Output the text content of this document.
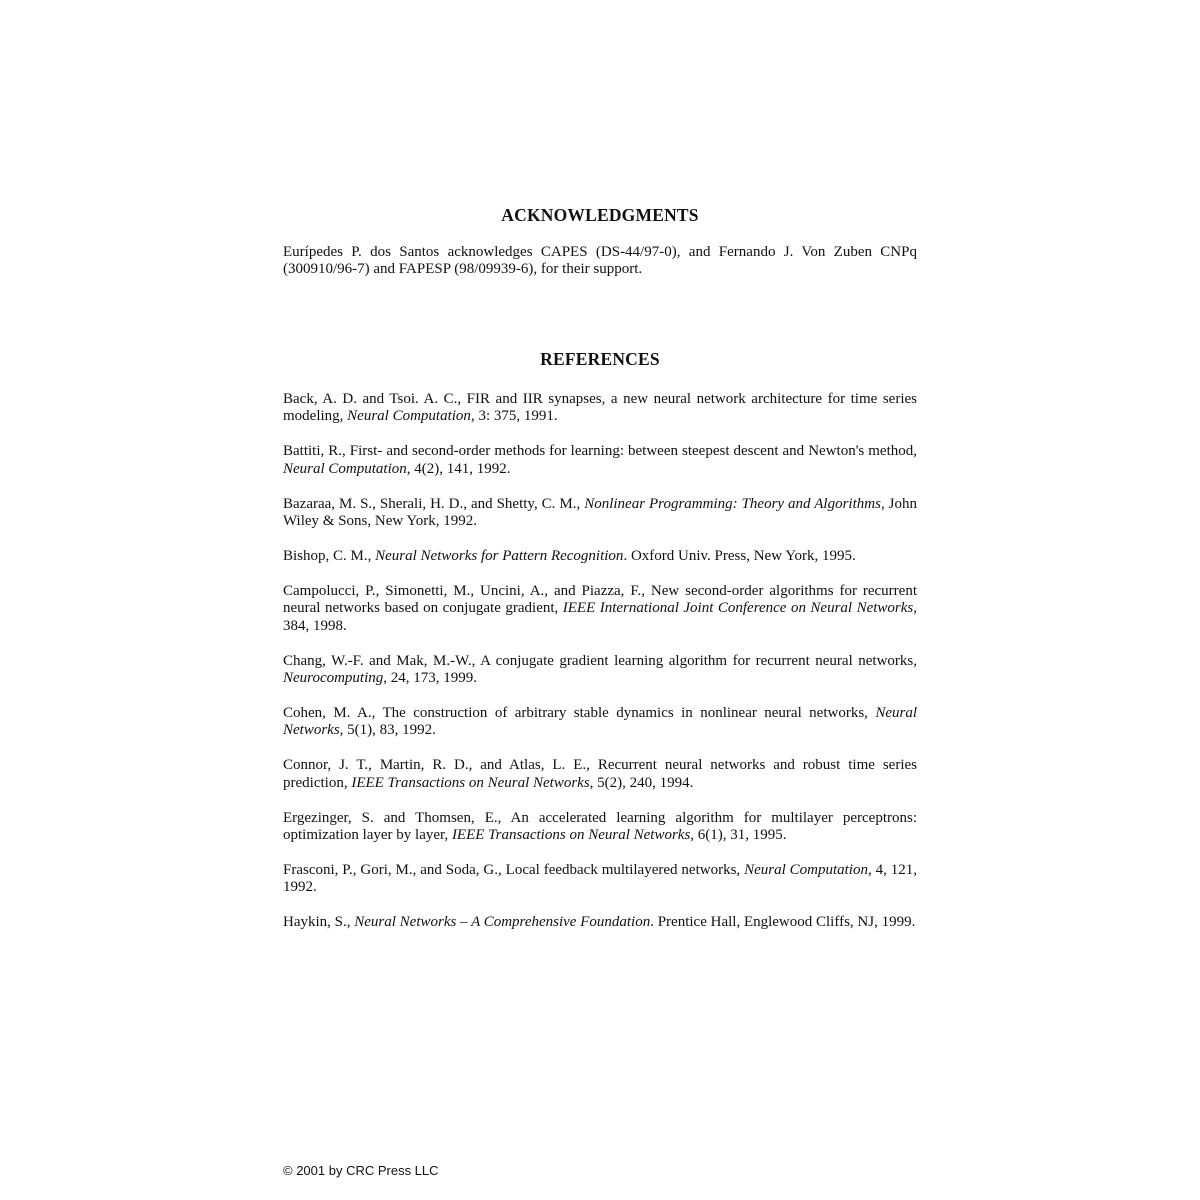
ACKNOWLEDGMENTS

Eurípedes P. dos Santos acknowledges CAPES (DS-44/97-0), and Fernando J. Von Zuben CNPq (300910/96-7) and FAPESP (98/09939-6), for their support.

REFERENCES
Back, A. D. and Tsoi. A. C., FIR and IIR synapses, a new neural network architecture for time series modeling, Neural Computation, 3: 375, 1991.
Battiti, R., First- and second-order methods for learning: between steepest descent and Newton's method, Neural Computation, 4(2), 141, 1992.
Bazaraa, M. S., Sherali, H. D., and Shetty, C. M., Nonlinear Programming: Theory and Algorithms, John Wiley & Sons, New York, 1992.
Bishop, C. M., Neural Networks for Pattern Recognition. Oxford Univ. Press, New York, 1995.
Campolucci, P., Simonetti, M., Uncini, A., and Piazza, F., New second-order algorithms for recurrent neural networks based on conjugate gradient, IEEE International Joint Conference on Neural Networks, 384, 1998.
Chang, W.-F. and Mak, M.-W., A conjugate gradient learning algorithm for recurrent neural networks, Neurocomputing, 24, 173, 1999.
Cohen, M. A., The construction of arbitrary stable dynamics in nonlinear neural networks, Neural Networks, 5(1), 83, 1992.
Connor, J. T., Martin, R. D., and Atlas, L. E., Recurrent neural networks and robust time series prediction, IEEE Transactions on Neural Networks, 5(2), 240, 1994.
Ergezinger, S. and Thomsen, E., An accelerated learning algorithm for multilayer perceptrons: optimization layer by layer, IEEE Transactions on Neural Networks, 6(1), 31, 1995.
Frasconi, P., Gori, M., and Soda, G., Local feedback multilayered networks, Neural Computation, 4, 121, 1992.
Haykin, S., Neural Networks – A Comprehensive Foundation. Prentice Hall, Englewood Cliffs, NJ, 1999.

© 2001 by CRC Press LLC
